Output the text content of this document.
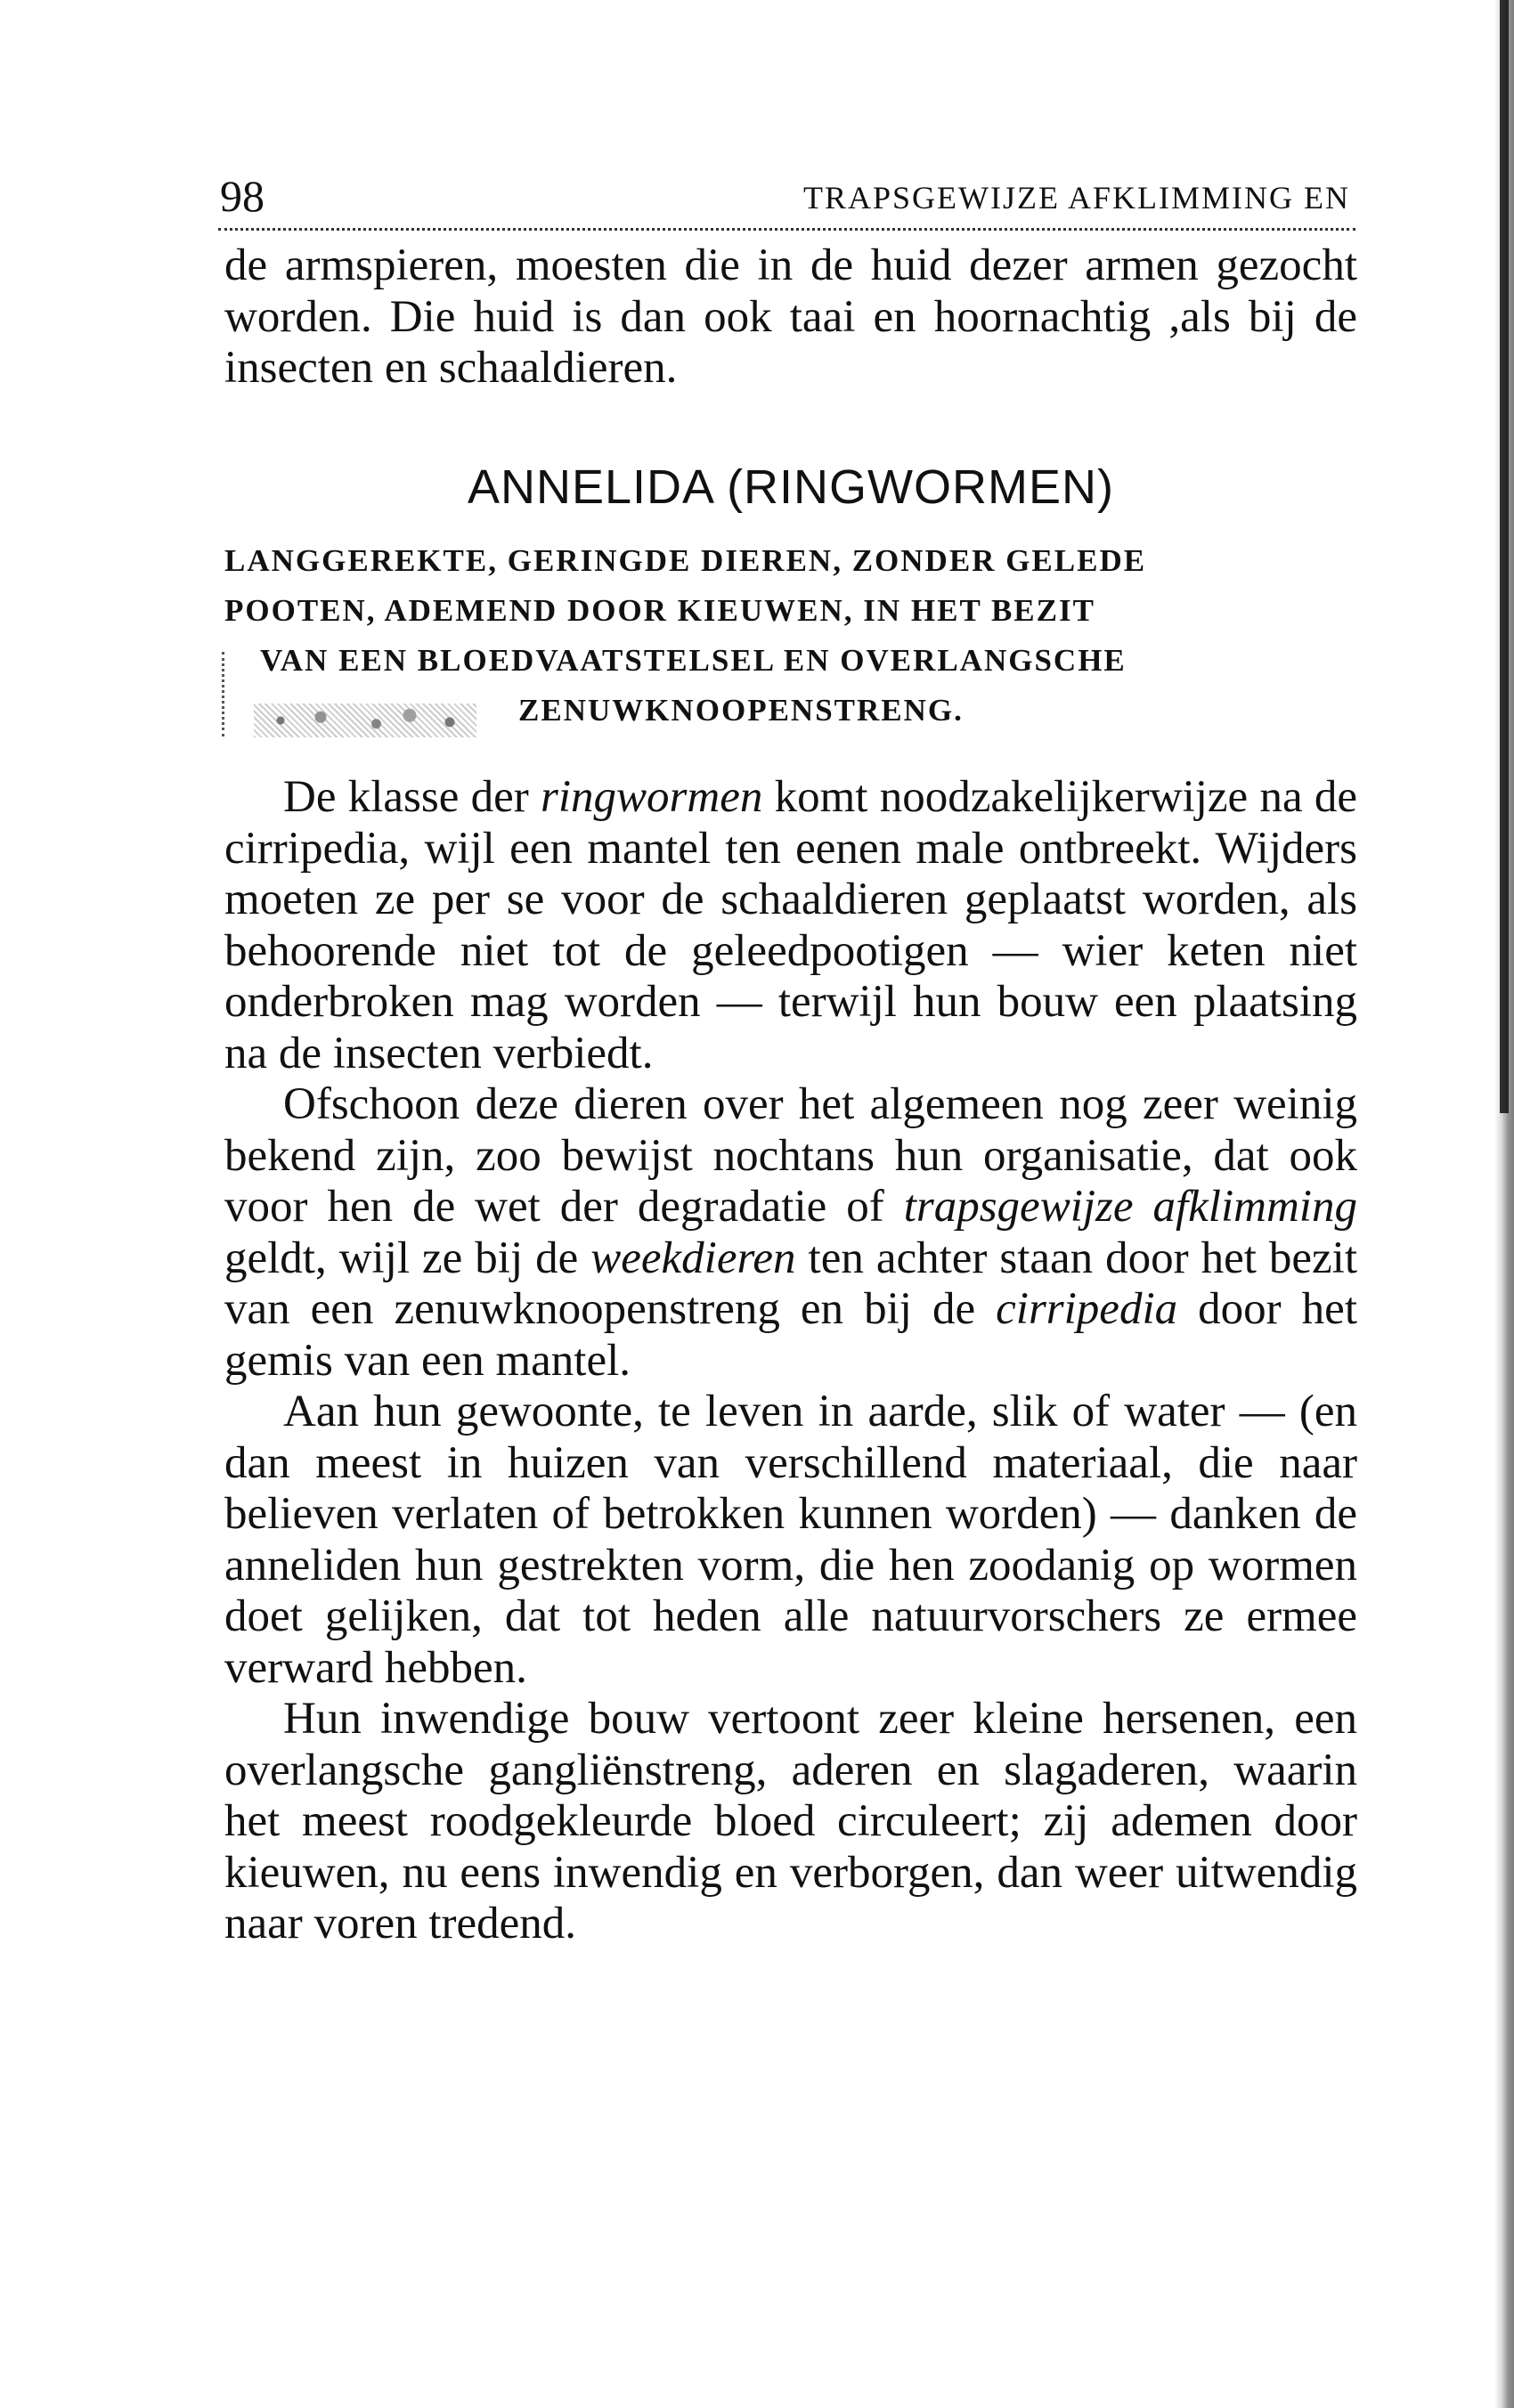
98	TRAPSGEWIJZE AFKLIMMING EN

de armspieren, moesten die in de huid dezer armen gezocht worden. Die huid is dan ook taai en hoornachtig ,als bij de insecten en schaaldieren.

ANNELIDA (RINGWORMEN)
LANGGEREKTE, GERINGDE DIEREN, ZONDER GELEDE
POOTEN, ADEMEND DOOR KIEUWEN, IN HET BEZIT
VAN EEN BLOEDVAATSTELSEL EN OVERLANGSCHE
ZENUWKNOOPENSTRENG.

De klasse der ringwormen komt noodzakelijkerwijze na de cirripedia, wijl een mantel ten eenen male ontbreekt. Wijders moeten ze per se voor de schaaldieren geplaatst worden, als behoorende niet tot de geleedpootigen — wier keten niet onderbroken mag worden — terwijl hun bouw een plaatsing na de insecten verbiedt.

Ofschoon deze dieren over het algemeen nog zeer weinig bekend zijn, zoo bewijst nochtans hun organisatie, dat ook voor hen de wet der degradatie of trapsgewijze afklimming geldt, wijl ze bij de weekdieren ten achter staan door het bezit van een zenuwknoopenstreng en bij de cirripedia door het gemis van een mantel.

Aan hun gewoonte, te leven in aarde, slik of water — (en dan meest in huizen van verschillend materiaal, die naar believen verlaten of betrokken kunnen worden) — danken de anneliden hun gestrekten vorm, die hen zoodanig op wormen doet gelijken, dat tot heden alle natuurvorschers ze ermee verward hebben.

Hun inwendige bouw vertoont zeer kleine hersenen, een overlangsche gangliënstreng, aderen en slagaderen, waarin het meest roodgekleurde bloed circuleert; zij ademen door kieuwen, nu eens inwendig en verborgen, dan weer uitwendig naar voren tredend.
